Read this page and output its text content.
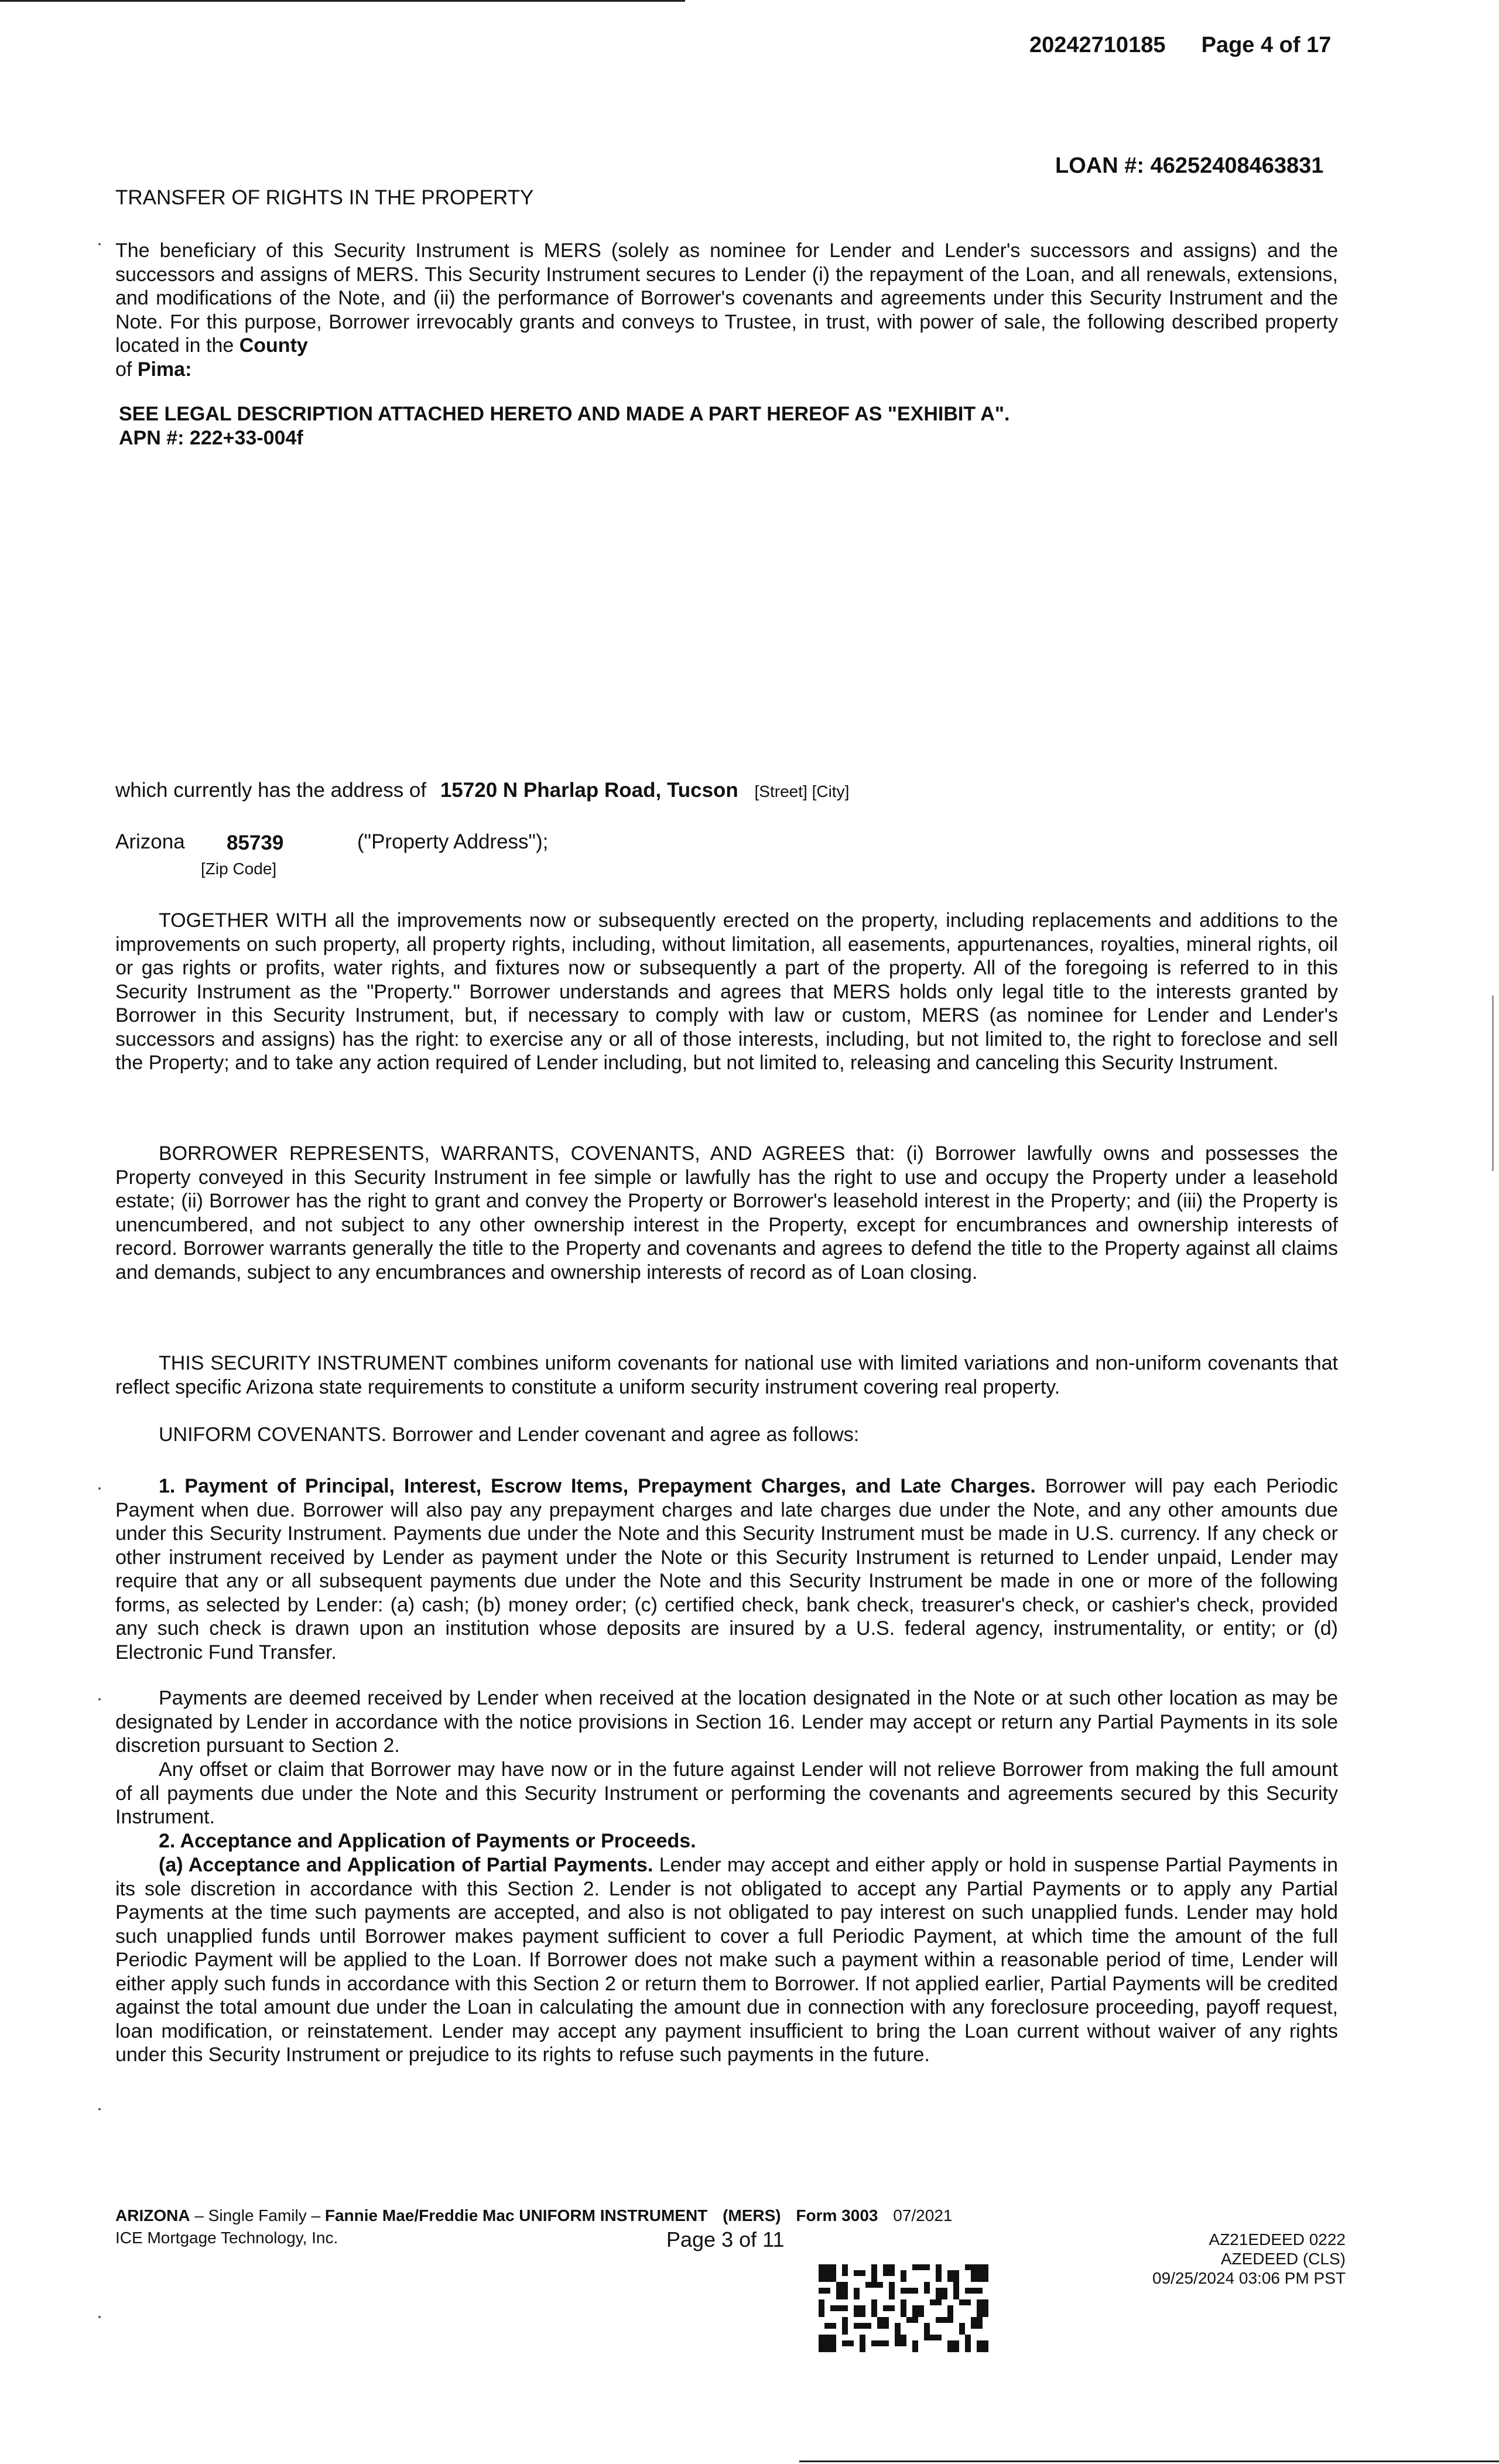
20242710185 Page 4 of 17
LOAN #: 46252408463831
TRANSFER OF RIGHTS IN THE PROPERTY
The beneficiary of this Security Instrument is MERS (solely as nominee for Lender and Lender's successors and assigns) and the successors and assigns of MERS. This Security Instrument secures to Lender (i) the repayment of the Loan, and all renewals, extensions, and modifications of the Note, and (ii) the performance of Borrower's covenants and agreements under this Security Instrument and the Note. For this purpose, Borrower irrevocably grants and conveys to Trustee, in trust, with power of sale, the following described property located in the County
of Pima:
SEE LEGAL DESCRIPTION ATTACHED HERETO AND MADE A PART HEREOF AS "EXHIBIT A".
APN #: 222+33-004f
which currently has the address of 15720 N Pharlap Road, Tucson [Street] [City]
Arizona 85739
[Zip Code]
("Property Address");
TOGETHER WITH all the improvements now or subsequently erected on the property, including replacements and additions to the improvements on such property, all property rights, including, without limitation, all easements, appurtenances, royalties, mineral rights, oil or gas rights or profits, water rights, and fixtures now or subsequently a part of the property. All of the foregoing is referred to in this Security Instrument as the "Property." Borrower understands and agrees that MERS holds only legal title to the interests granted by Borrower in this Security Instrument, but, if necessary to comply with law or custom, MERS (as nominee for Lender and Lender's successors and assigns) has the right: to exercise any or all of those interests, including, but not limited to, the right to foreclose and sell the Property; and to take any action required of Lender including, but not limited to, releasing and canceling this Security Instrument.
BORROWER REPRESENTS, WARRANTS, COVENANTS, AND AGREES that: (i) Borrower lawfully owns and possesses the Property conveyed in this Security Instrument in fee simple or lawfully has the right to use and occupy the Property under a leasehold estate; (ii) Borrower has the right to grant and convey the Property or Borrower's leasehold interest in the Property; and (iii) the Property is unencumbered, and not subject to any other ownership interest in the Property, except for encumbrances and ownership interests of record. Borrower warrants generally the title to the Property and covenants and agrees to defend the title to the Property against all claims and demands, subject to any encumbrances and ownership interests of record as of Loan closing.
THIS SECURITY INSTRUMENT combines uniform covenants for national use with limited variations and non-uniform covenants that reflect specific Arizona state requirements to constitute a uniform security instrument covering real property.
UNIFORM COVENANTS. Borrower and Lender covenant and agree as follows:
1. Payment of Principal, Interest, Escrow Items, Prepayment Charges, and Late Charges. Borrower will pay each Periodic Payment when due. Borrower will also pay any prepayment charges and late charges due under the Note, and any other amounts due under this Security Instrument. Payments due under the Note and this Security Instrument must be made in U.S. currency. If any check or other instrument received by Lender as payment under the Note or this Security Instrument is returned to Lender unpaid, Lender may require that any or all subsequent payments due under the Note and this Security Instrument be made in one or more of the following forms, as selected by Lender: (a) cash; (b) money order; (c) certified check, bank check, treasurer's check, or cashier's check, provided any such check is drawn upon an institution whose deposits are insured by a U.S. federal agency, instrumentality, or entity; or (d) Electronic Fund Transfer.
Payments are deemed received by Lender when received at the location designated in the Note or at such other location as may be designated by Lender in accordance with the notice provisions in Section 16. Lender may accept or return any Partial Payments in its sole discretion pursuant to Section 2.
Any offset or claim that Borrower may have now or in the future against Lender will not relieve Borrower from making the full amount of all payments due under the Note and this Security Instrument or performing the covenants and agreements secured by this Security Instrument.
2. Acceptance and Application of Payments or Proceeds.
(a) Acceptance and Application of Partial Payments. Lender may accept and either apply or hold in suspense Partial Payments in its sole discretion in accordance with this Section 2. Lender is not obligated to accept any Partial Payments or to apply any Partial Payments at the time such payments are accepted, and also is not obligated to pay interest on such unapplied funds. Lender may hold such unapplied funds until Borrower makes payment sufficient to cover a full Periodic Payment, at which time the amount of the full Periodic Payment will be applied to the Loan. If Borrower does not make such a payment within a reasonable period of time, Lender will either apply such funds in accordance with this Section 2 or return them to Borrower. If not applied earlier, Partial Payments will be credited against the total amount due under the Loan in calculating the amount due in connection with any foreclosure proceeding, payoff request, loan modification, or reinstatement. Lender may accept any payment insufficient to bring the Loan current without waiver of any rights under this Security Instrument or prejudice to its rights to refuse such payments in the future.
ARIZONA – Single Family – Fannie Mae/Freddie Mac UNIFORM INSTRUMENT (MERS) Form 3003 07/2021
ICE Mortgage Technology, Inc.	Page 3 of 11	AZ21EDEED 0222
AZEDEED (CLS)
09/25/2024 03:06 PM PST
